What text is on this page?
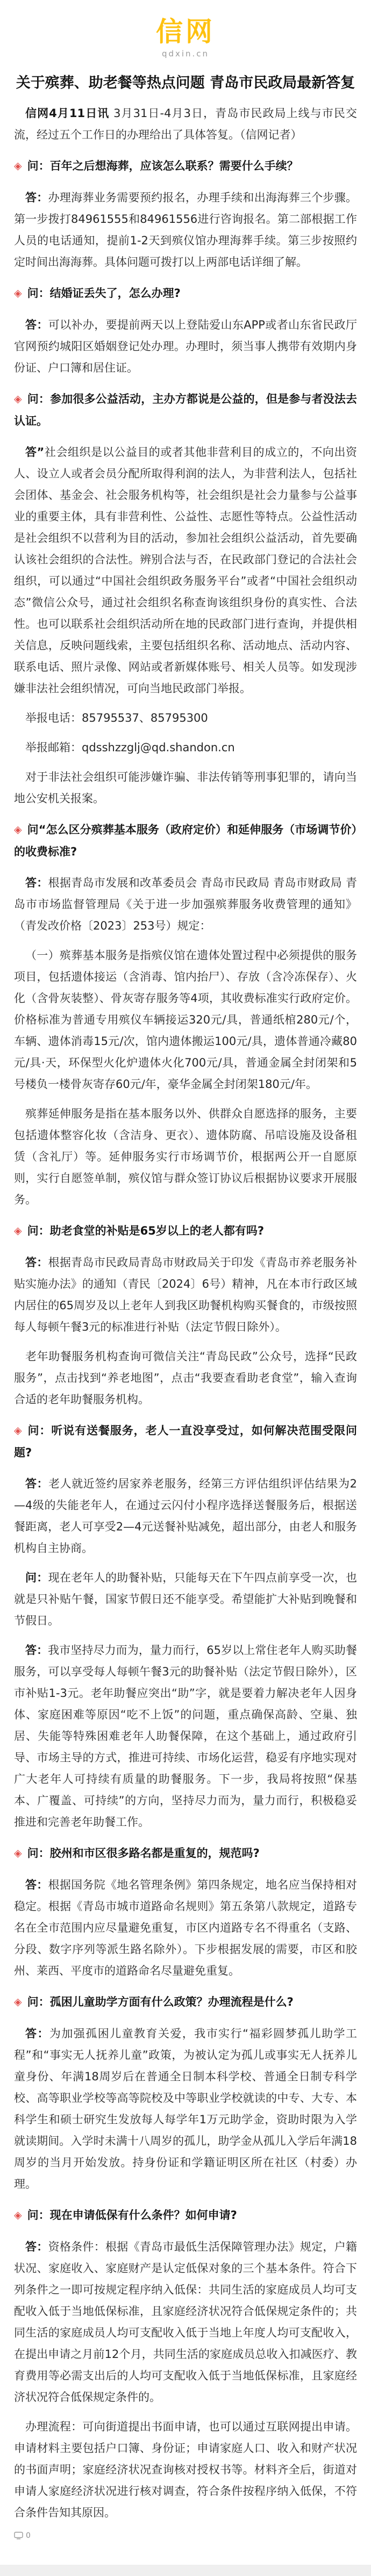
信网
qdxin.cn
关于殡葬、助老餐等热点问题 青岛市民政局最新答复

信网4月11日讯 3月31日-4月3日，青岛市民政局上线与市民交流，经过五个工作日的办理给出了具体答复。（信网记者）

◈ 问：百年之后想海葬，应该怎么联系？需要什么手续？

答：办理海葬业务需要预约报名，办理手续和出海海葬三个步骤。第一步拨打84961555和84961556进行咨询报名。第二部根据工作人员的电话通知，提前1-2天到殡仪馆办理海葬手续。第三步按照约定时间出海海葬。具体问题可拨打以上两部电话详细了解。

◈ 问：结婚证丢失了，怎么办理?

答：可以补办，要提前两天以上登陆爱山东APP或者山东省民政厅官网预约城阳区婚姻登记处办理。办理时，须当事人携带有效期内身份证、户口簿和居住证。

◈ 问：参加很多公益活动，主办方都说是公益的，但是参与者没法去认证。

答”社会组织是以公益目的或者其他非营利目的成立的，不向出资人、设立人或者会员分配所取得利润的法人，为非营利法人，包括社会团体、基金会、社会服务机构等，社会组织是社会力量参与公益事业的重要主体，具有非营利性、公益性、志愿性等特点。公益性活动是社会组织不以营利为目的活动，参加社会组织公益活动，首先要确认该社会组织的合法性。辨别合法与否，在民政部门登记的合法社会组织，可以通过“中国社会组织政务服务平台”或者“中国社会组织动态”微信公众号，通过社会组织名称查询该组织身份的真实性、合法性。也可以联系社会组织活动所在地的民政部门进行查询，并提供相关信息，反映问题线索，主要包括组织名称、活动地点、活动内容、联系电话、照片录像、网站或者新媒体账号、相关人员等。如发现涉嫌非法社会组织情况，可向当地民政部门举报。

举报电话：85795537、85795300

举报邮箱：qdsshzzglj@qd.shandon.cn

对于非法社会组织可能涉嫌诈骗、非法传销等刑事犯罪的，请向当地公安机关报案。

◈ 问“怎么区分殡葬基本服务（政府定价）和延伸服务（市场调节价）的收费标准?

答：根据青岛市发展和改革委员会 青岛市民政局 青岛市财政局 青岛市市场监督管理局《关于进一步加强殡葬服务收费管理的通知》（青发改价格〔2023〕253号）规定：

（一）殡葬基本服务是指殡仪馆在遗体处置过程中必须提供的服务项目，包括遗体接运（含消毒、馆内抬尸）、存放（含冷冻保存）、火化（含骨灰装整）、骨灰寄存服务等4项，其收费标准实行政府定价。价格标准为普通专用殡仪车辆接运320元/具，普通纸棺280元/个，车辆、遗体消毒15元/次，馆内遗体搬运100元/具，遗体普通冷藏80元/具·天，环保型火化炉遗体火化700元/具，普通金属全封闭架和5号楼负一楼骨灰寄存60元/年，豪华金属全封闭架180元/年。

殡葬延伸服务是指在基本服务以外、供群众自愿选择的服务，主要包括遗体整容化妆（含洁身、更衣）、遗体防腐、吊唁设施及设备租赁（含礼厅）等。延伸服务实行市场调节价，根据两公开一自愿原则，实行自愿签单制，殡仪馆与群众签订协议后根据协议要求开展服务。

◈ 问：助老食堂的补贴是65岁以上的老人都有吗?

答：根据青岛市民政局青岛市财政局关于印发《青岛市养老服务补贴实施办法》的通知（青民〔2024〕6号）精神，凡在本市行政区域内居住的65周岁及以上老年人到我区助餐机构购买餐食的，市级按照每人每顿午餐3元的标准进行补贴（法定节假日除外）。

老年助餐服务机构查询可微信关注“青岛民政”公众号，选择“民政服务”，点击找到“养老地图”，点击“我要查看助老食堂”，输入查询合适的老年助餐服务机构。

◈ 问：听说有送餐服务，老人一直没享受过，如何解决范围受限问题?

答：老人就近签约居家养老服务，经第三方评估组织评估结果为2—4级的失能老年人，在通过云闪付小程序选择送餐服务后，根据送餐距离，老人可享受2—4元送餐补贴减免，超出部分，由老人和服务机构自主协商。

问：现在老年人的助餐补贴，只能每天在下午四点前享受一次，也就是只补贴午餐，国家节假日还不能享受。希望能扩大补贴到晚餐和节假日。

答：我市坚持尽力而为，量力而行，65岁以上常住老年人购买助餐服务，可以享受每人每顿午餐3元的助餐补贴（法定节假日除外），区市补贴1-3元。老年助餐应突出“助”字，就是要着力解决老年人因身体、家庭困难等原因“吃不上饭”的问题，重点确保高龄、空巢、独居、失能等特殊困难老年人助餐保障，在这个基础上，通过政府引导、市场主导的方式，推进可持续、市场化运营，稳妥有序地实现对广大老年人可持续有质量的助餐服务。下一步，我局将按照“保基本、广覆盖、可持续”的方向，坚持尽力而为，量力而行，积极稳妥推进和完善老年助餐工作。

◈ 问：胶州和市区很多路名都是重复的，规范吗?

答：根据国务院《地名管理条例》第四条规定，地名应当保持相对稳定。根据《青岛市城市道路命名规则》第五条第八款规定，道路专名在全市范围内应尽量避免重复，市区内道路专名不得重名（支路、分段、数字序列等派生路名除外）。下步根据发展的需要，市区和胶州、莱西、平度市的道路命名尽量避免重复。

◈ 问：孤困儿童助学方面有什么政策？办理流程是什么?

答：为加强孤困儿童教育关爱，我市实行“福彩圆梦孤儿助学工程”和“事实无人抚养儿童”政策，为被认定为孤儿或事实无人抚养儿童身份、年满18周岁后在普通全日制本科学校、普通全日制专科学校、高等职业学校等高等院校及中等职业学校就读的中专、大专、本科学生和硕士研究生发放每人每学年1万元助学金，资助时限为入学就读期间。入学时未满十八周岁的孤儿，助学金从孤儿入学后年满18周岁的当月开始发放。持身份证和学籍证明区所在社区（村委）办理。

◈ 问：现在申请低保有什么条件？如何申请?

答：资格条件：根据《青岛市最低生活保障管理办法》规定，户籍状况、家庭收入、家庭财产是认定低保对象的三个基本条件。符合下列条件之一即可按规定程序纳入低保：共同生活的家庭成员人均可支配收入低于当地低保标准，且家庭经济状况符合低保规定条件的；共同生活的家庭成员人均可支配收入低于当地上年度人均可支配收入，在提出申请之月前12个月，共同生活的家庭成员总收入扣减医疗、教育费用等必需支出后的人均可支配收入低于当地低保标准，且家庭经济状况符合低保规定条件的。

办理流程：可向街道提出书面申请，也可以通过互联网提出申请。申请材料主要包括户口簿、身份证；申请家庭人口、收入和财产状况的书面声明；家庭经济状况查询核对授权书等。材料齐全后，街道对申请人家庭经济状况进行核对调查，符合条件按程序纳入低保，不符合条件告知其原因。

0
